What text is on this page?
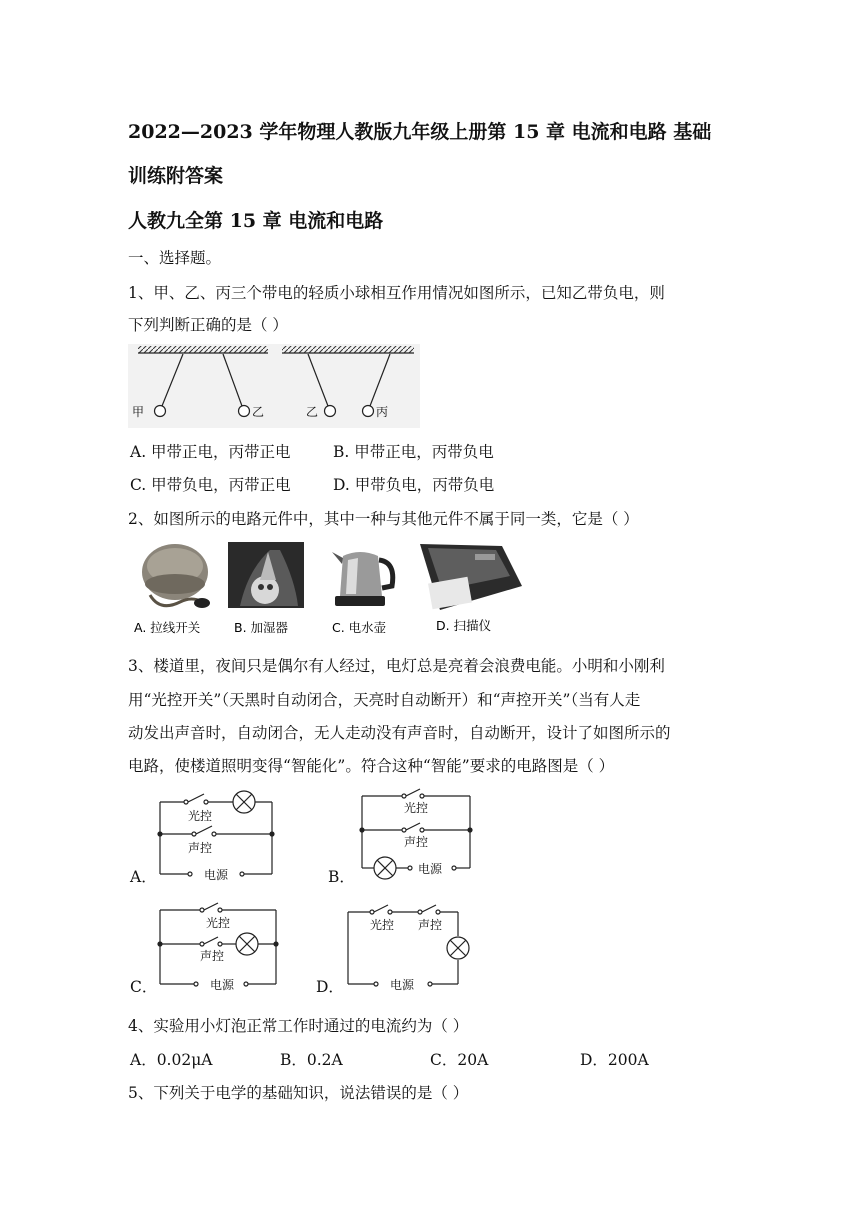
2022—2023 学年物理人教版九年级上册第 15 章 电流和电路 基础
训练附答案
人教九全第 15 章 电流和电路
一、选择题。
1、甲、乙、丙三个带电的轻质小球相互作用情况如图所示，已知乙带负电，则
下列判断正确的是（ ）
甲	乙	乙	丙
A. 甲带正电，丙带正电	B. 甲带正电，丙带负电
C. 甲带负电，丙带正电	D. 甲带负电，丙带负电
2、如图所示的电路元件中，其中一种与其他元件不属于同一类，它是（ ）
A. 拉线开关	B. 加湿器	C. 电水壶	D. 扫描仪
3、楼道里，夜间只是偶尔有人经过，电灯总是亮着会浪费电能。小明和小刚利
用“光控开关”（天黑时自动闭合，天亮时自动断开）和“声控开关”（当有人走
动发出声音时，自动闭合，无人走动没有声音时，自动断开，设计了如图所示的
电路，使楼道照明变得“智能化”。符合这种“智能”要求的电路图是（ ）
A．	B．
C．	D．
光控
声控
电源
光控
声控
电源
光控
声控
电源
光控 声控
电源
4、实验用小灯泡正常工作时通过的电流约为（ ）
A．0.02μA	B．0.2A	C．20A	D．200A
5、下列关于电学的基础知识，说法错误的是（ ）
